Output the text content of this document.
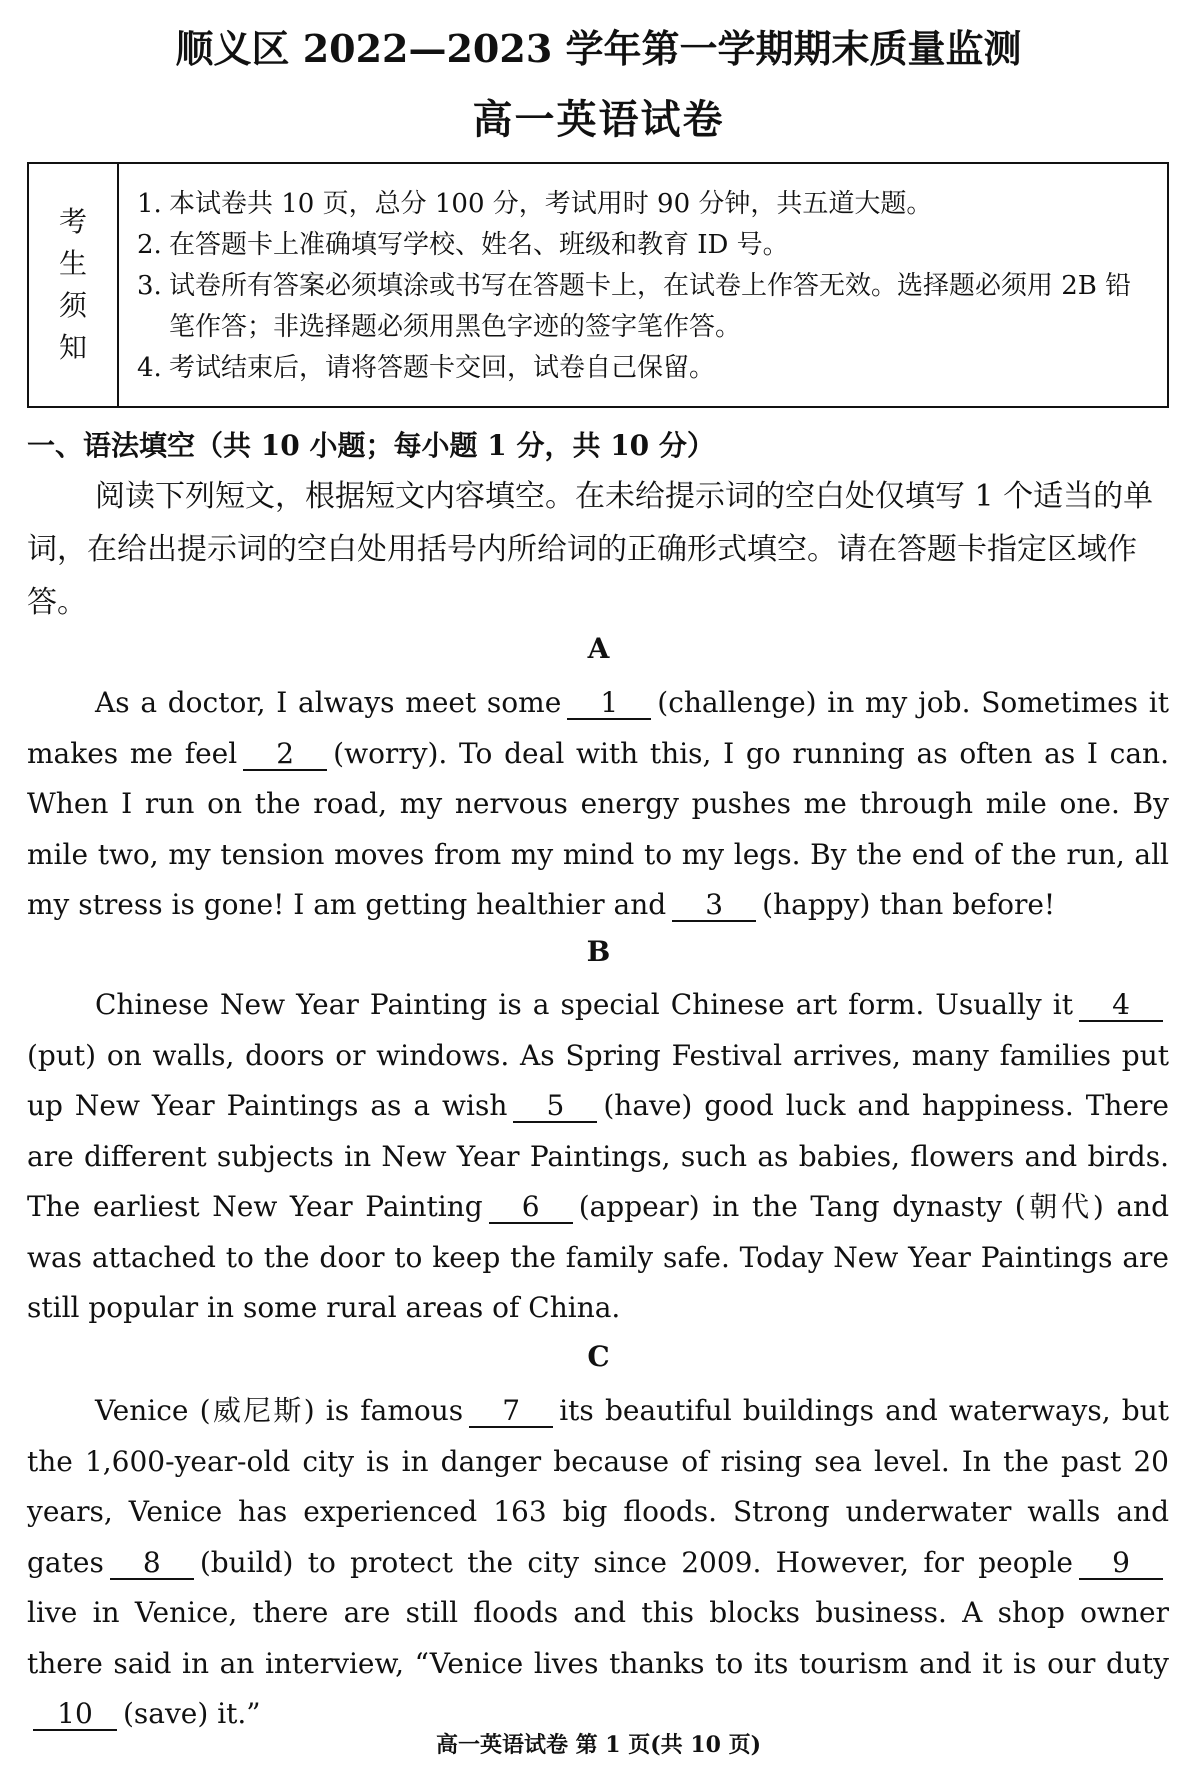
顺义区 2022—2023 学年第一学期期末质量监测
高一英语试卷
考
生
须
知
1. 本试卷共 10 页，总分 100 分，考试用时 90 分钟，共五道大题。
2. 在答题卡上准确填写学校、姓名、班级和教育 ID 号。
3. 试卷所有答案必须填涂或书写在答题卡上，在试卷上作答无效。选择题必须用 2B 铅笔作答；非选择题必须用黑色字迹的签字笔作答。
4. 考试结束后，请将答题卡交回，试卷自己保留。
一、语法填空（共 10 小题；每小题 1 分，共 10 分）
阅读下列短文，根据短文内容填空。在未给提示词的空白处仅填写 1 个适当的单词，在给出提示词的空白处用括号内所给词的正确形式填空。请在答题卡指定区域作答。
A
As a doctor, I always meet some 1 (challenge) in my job. Sometimes it makes me feel 2 (worry). To deal with this, I go running as often as I can. When I run on the road, my nervous energy pushes me through mile one. By mile two, my tension moves from my mind to my legs. By the end of the run, all my stress is gone! I am getting healthier and 3 (happy) than before!
B
Chinese New Year Painting is a special Chinese art form. Usually it 4(put) on walls, doors or windows. As Spring Festival arrives, many families put up New Year Paintings as a wish 5 (have) good luck and happiness. There are different subjects in New Year Paintings, such as babies, flowers and birds. The earliest New Year Painting 6 (appear) in the Tang dynasty (朝代) and was attached to the door to keep the family safe. Today New Year Paintings are still popular in some rural areas of China.
C
Venice (威尼斯) is famous 7 its beautiful buildings and waterways, but the 1,600-year-old city is in danger because of rising sea level. In the past 20 years, Venice has experienced 163 big floods. Strong underwater walls and gates 8 (build) to protect the city since 2009. However, for people 9live in Venice, there are still floods and this blocks business. A shop owner there said in an interview, “Venice lives thanks to its tourism and it is our duty10 (save) it.”
高一英语试卷 第 1 页(共 10 页)
